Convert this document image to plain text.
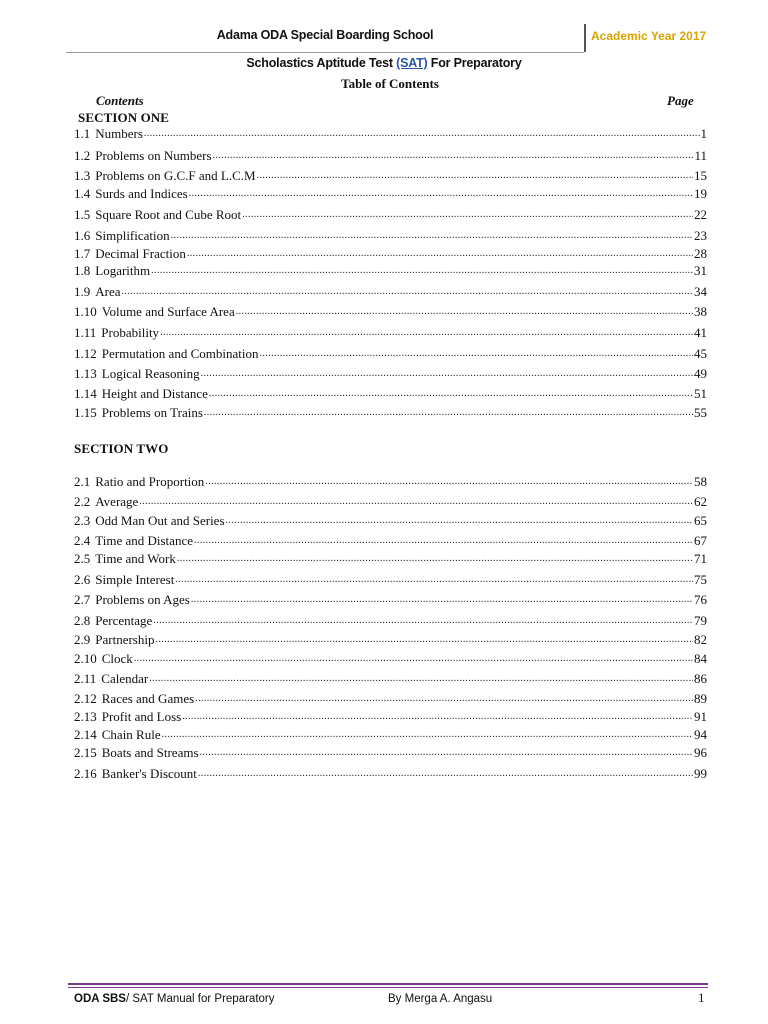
Adama ODA Special Boarding School	Academic Year 2017
Scholastics Aptitude Test (SAT) For Preparatory
Table of Contents
Contents	Page
SECTION ONE
1.1 Numbers .....	1
1.2 Problems on Numbers .....	11
1.3 Problems on G.C.F and L.C.M .....	15
1.4 Surds and Indices .....	19
1.5 Square Root and Cube Root .....	22
1.6 Simplification .....	23
1.7 Decimal Fraction .....	28
1.8 Logarithm .....	31
1.9 Area .....	34
1.10 Volume and Surface Area .....	38
1.11 Probability .....	41
1.12 Permutation and Combination .....	45
1.13 Logical Reasoning .....	49
1.14 Height and Distance .....	51
1.15 Problems on Trains .....	55
SECTION TWO
2.1 Ratio and Proportion .....	58
2.2 Average .....	62
2.3 Odd Man Out and Series .....	65
2.4 Time and Distance .....	67
2.5 Time and Work .....	71
2.6 Simple Interest .....	75
2.7 Problems on Ages .....	76
2.8 Percentage .....	79
2.9 Partnership .....	82
2.10 Clock .....	84
2.11 Calendar .....	86
2.12 Races and Games .....	89
2.13 Profit and Loss .....	91
2.14 Chain Rule .....	94
2.15 Boats and Streams .....	96
2.16 Banker's Discount .....	99
ODA SBS/ SAT Manual for Preparatory	By Merga A. Angasu	1
